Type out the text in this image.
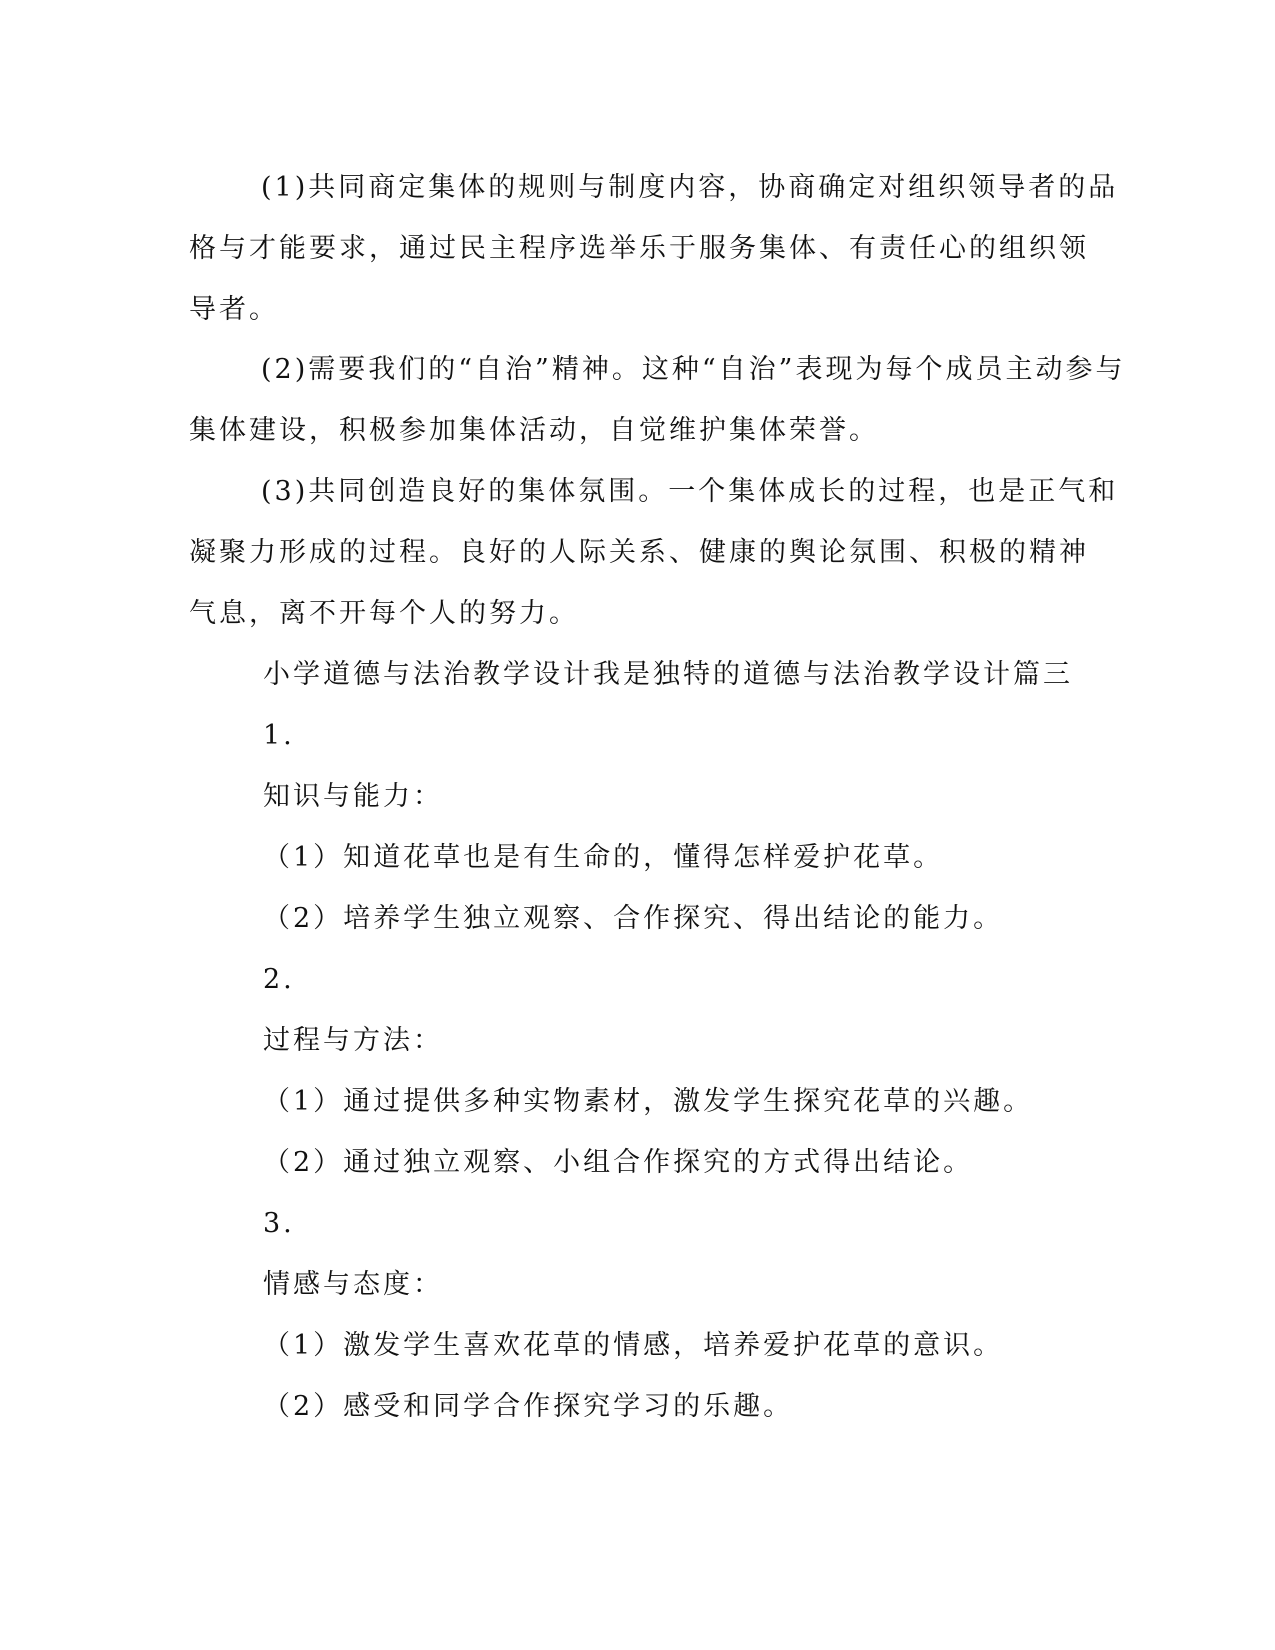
(1)共同商定集体的规则与制度内容，协商确定对组织领导者的品
格与才能要求，通过民主程序选举乐于服务集体、有责任心的组织领
导者。
(2)需要我们的“自治”精神。这种“自治”表现为每个成员主动参与
集体建设，积极参加集体活动，自觉维护集体荣誉。
(3)共同创造良好的集体氛围。一个集体成长的过程，也是正气和
凝聚力形成的过程。良好的人际关系、健康的舆论氛围、积极的精神
气息，离不开每个人的努力。
小学道德与法治教学设计我是独特的道德与法治教学设计篇三
1.
知识与能力：
（1）知道花草也是有生命的，懂得怎样爱护花草。
（2）培养学生独立观察、合作探究、得出结论的能力。
2.
过程与方法：
（1）通过提供多种实物素材，激发学生探究花草的兴趣。
（2）通过独立观察、小组合作探究的方式得出结论。
3.
情感与态度：
（1）激发学生喜欢花草的情感，培养爱护花草的意识。
（2）感受和同学合作探究学习的乐趣。
